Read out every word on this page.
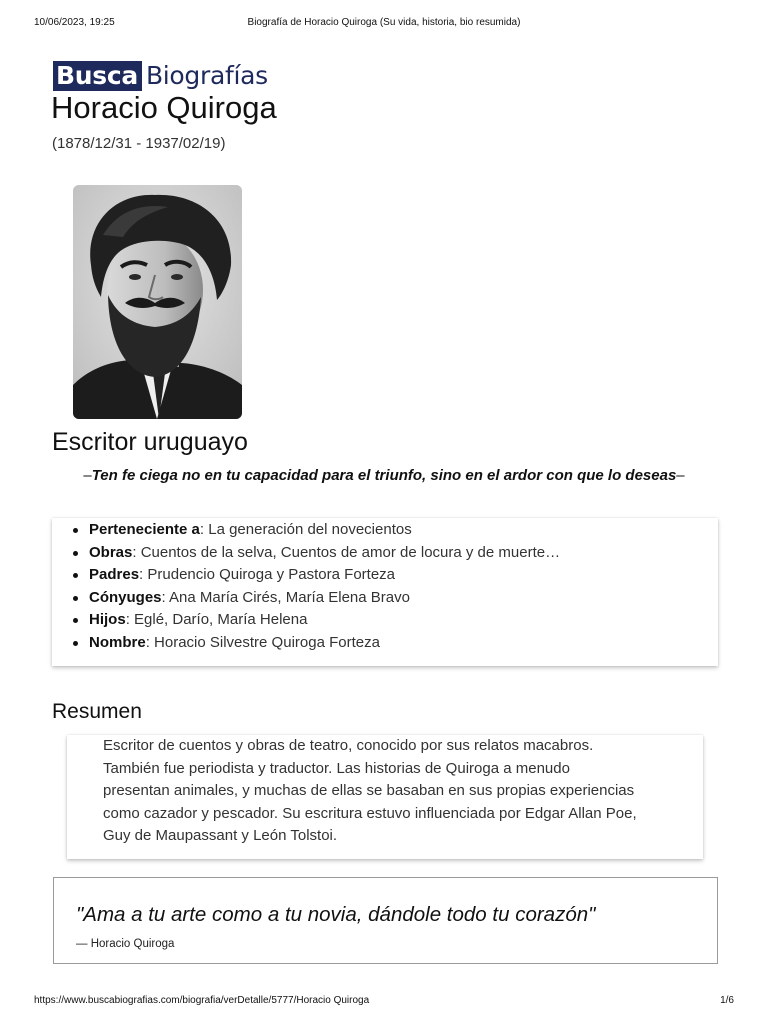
10/06/2023, 19:25	Biografía de Horacio Quiroga (Su vida, historia, bio resumida)
Busca Biografías
Horacio Quiroga
(1878/12/31 - 1937/02/19)
Escritor uruguayo
–Ten fe ciega no en tu capacidad para el triunfo, sino en el ardor con que lo deseas–
Perteneciente a: La generación del novecientos
Obras: Cuentos de la selva, Cuentos de amor de locura y de muerte…
Padres: Prudencio Quiroga y Pastora Forteza
Cónyuges: Ana María Cirés, María Elena Bravo
Hijos: Eglé, Darío, María Helena
Nombre: Horacio Silvestre Quiroga Forteza
Resumen
Escritor de cuentos y obras de teatro, conocido por sus relatos macabros.
También fue periodista y traductor. Las historias de Quiroga a menudo
presentan animales, y muchas de ellas se basaban en sus propias experiencias
como cazador y pescador. Su escritura estuvo influenciada por Edgar Allan Poe,
Guy de Maupassant y León Tolstoi.
"Ama a tu arte como a tu novia, dándole todo tu corazón"
— Horacio Quiroga
https://www.buscabiografias.com/biografia/verDetalle/5777/Horacio Quiroga	1/6
